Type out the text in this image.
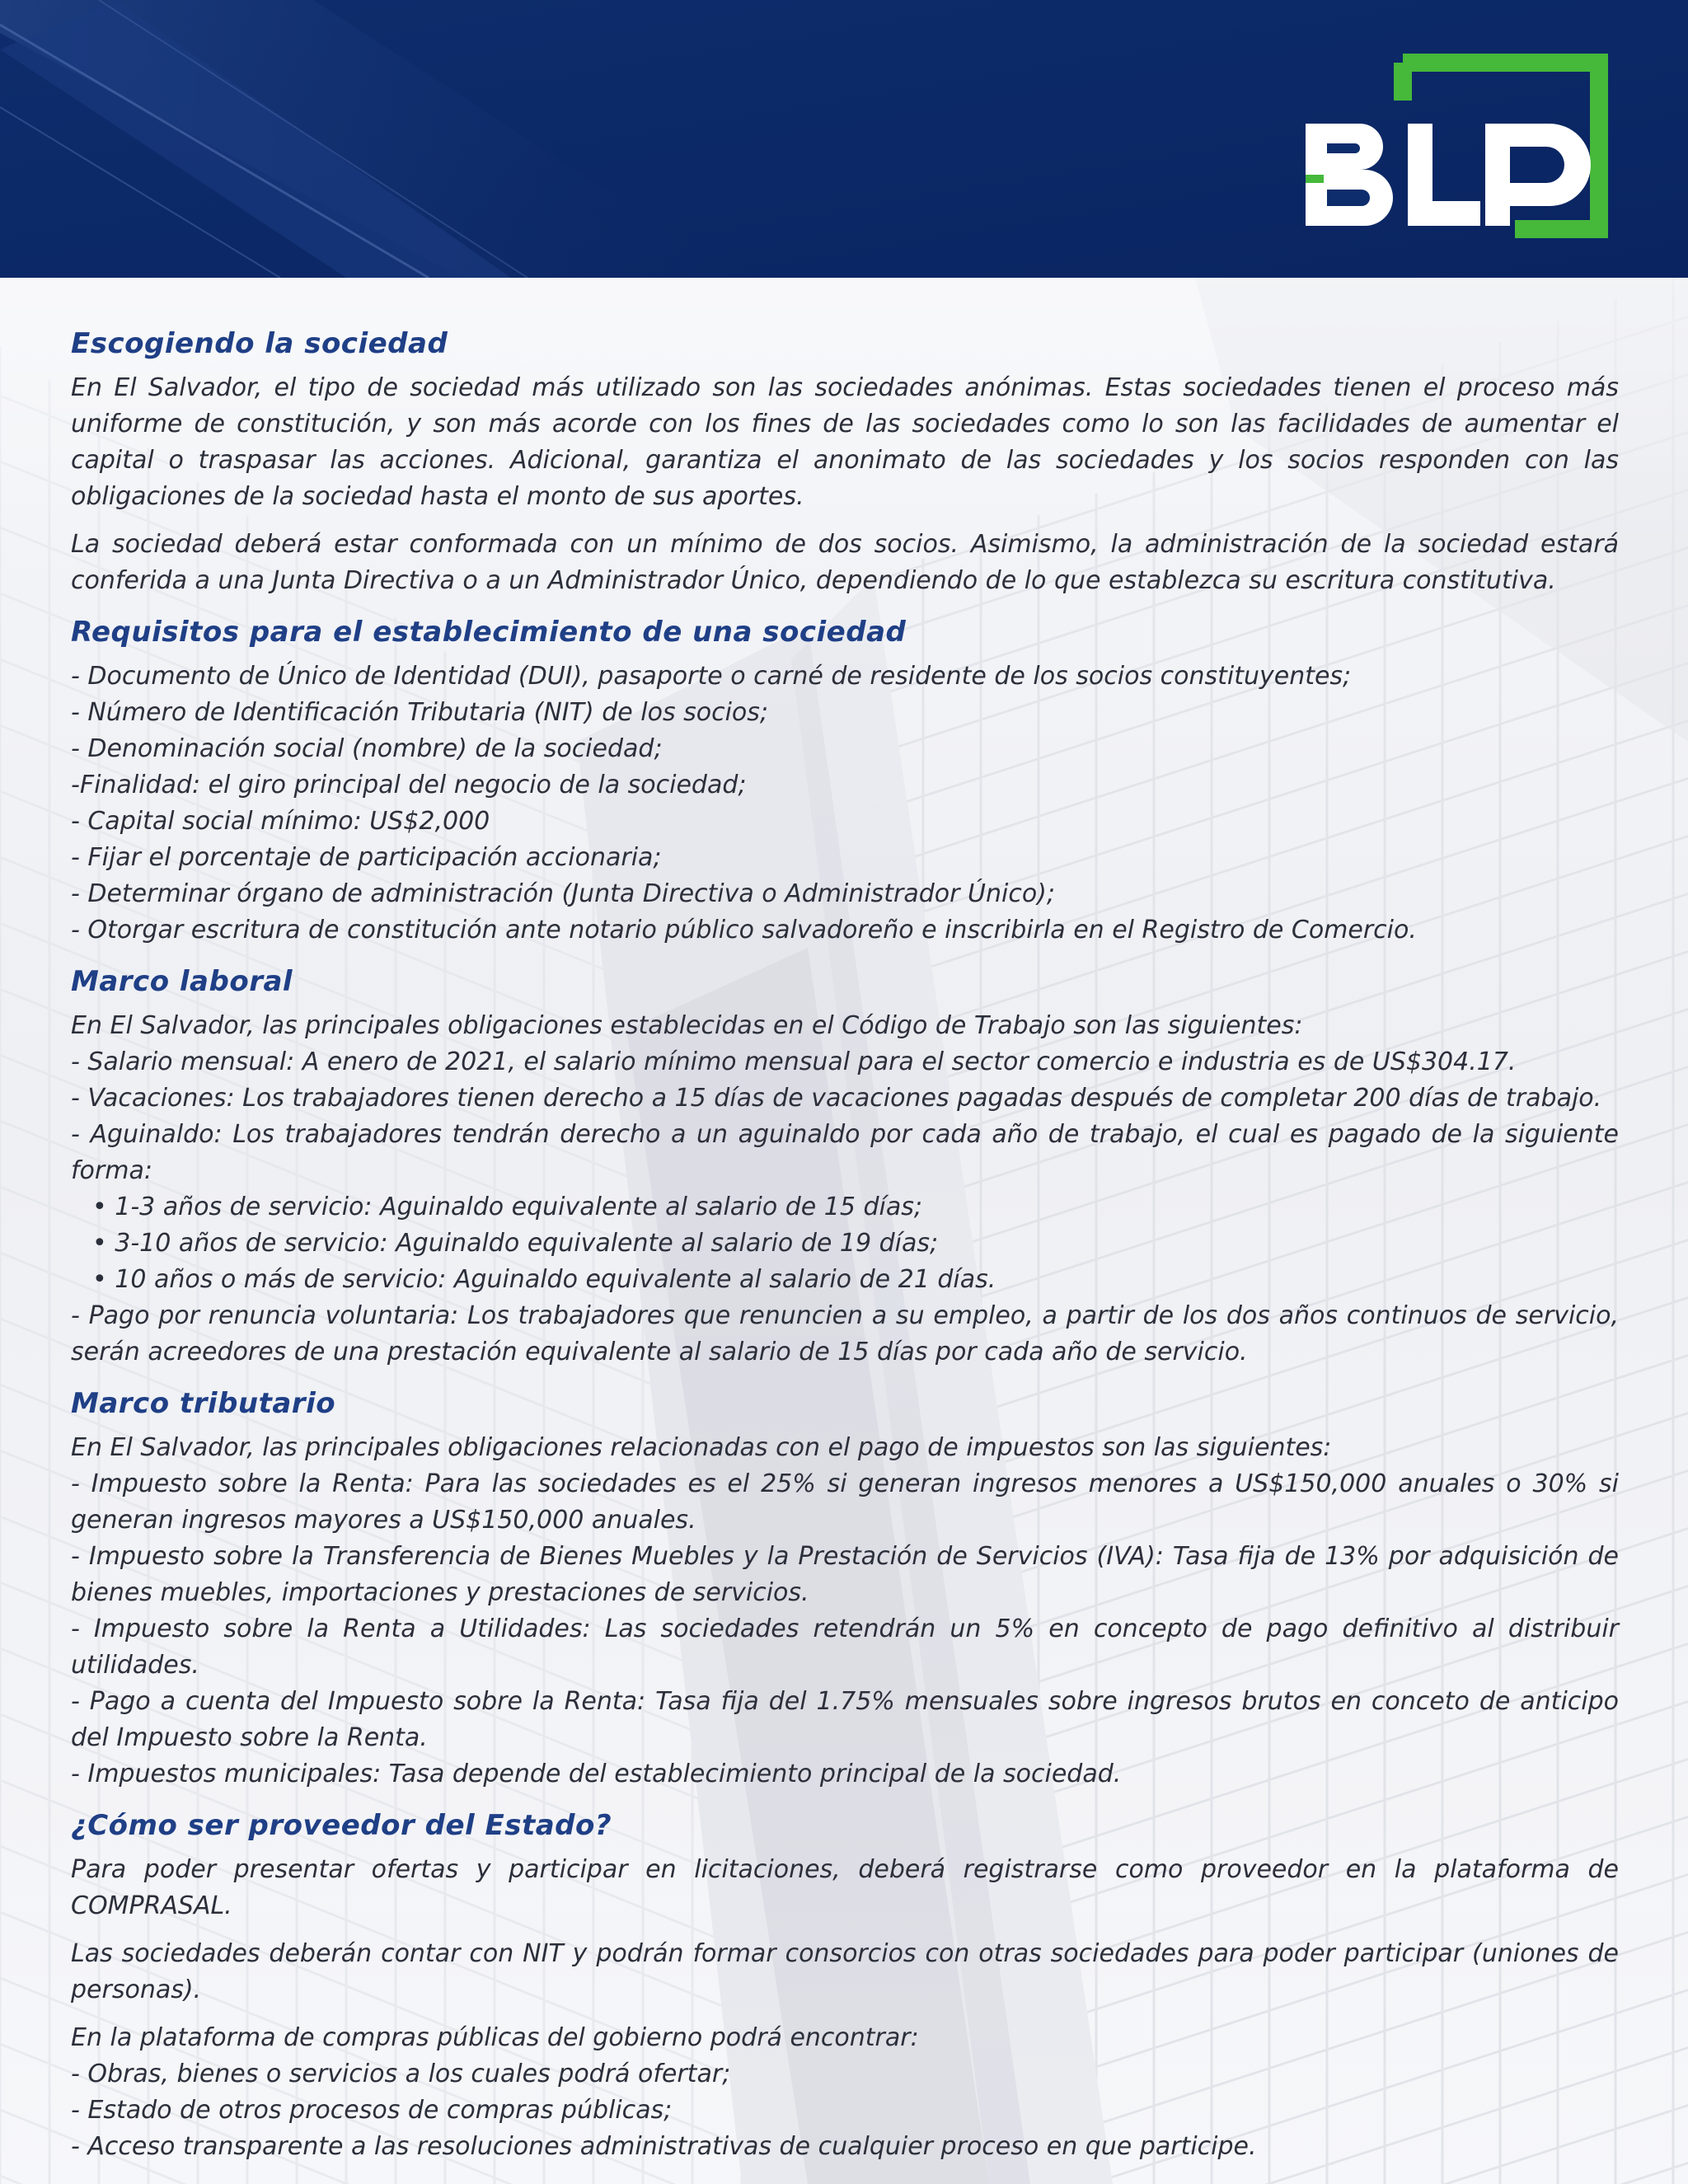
Escogiendo la sociedad

En El Salvador, el tipo de sociedad más utilizado son las sociedades anónimas. Estas sociedades tienen el proceso más uniforme de constitución, y son más acorde con los fines de las sociedades como lo son las facilidades de aumentar el capital o traspasar las acciones. Adicional, garantiza el anonimato de las sociedades y los socios responden con las obligaciones de la sociedad hasta el monto de sus aportes.

La sociedad deberá estar conformada con un mínimo de dos socios. Asimismo, la administración de la sociedad estará conferida a una Junta Directiva o a un Administrador Único, dependiendo de lo que establezca su escritura constitutiva.

Requisitos para el establecimiento de una sociedad

- Documento de Único de Identidad (DUI), pasaporte o carné de residente de los socios constituyentes;

- Número de Identificación Tributaria (NIT) de los socios;

- Denominación social (nombre) de la sociedad;

-Finalidad: el giro principal del negocio de la sociedad;

- Capital social mínimo: US$2,000

- Fijar el porcentaje de participación accionaria;

- Determinar órgano de administración (Junta Directiva o Administrador Único);

- Otorgar escritura de constitución ante notario público salvadoreño e inscribirla en el Registro de Comercio.

Marco laboral

En El Salvador, las principales obligaciones establecidas en el Código de Trabajo son las siguientes:

- Salario mensual: A enero de 2021, el salario mínimo mensual para el sector comercio e industria es de US$304.17.

- Vacaciones: Los trabajadores tienen derecho a 15 días de vacaciones pagadas después de completar 200 días de trabajo.

- Aguinaldo: Los trabajadores tendrán derecho a un aguinaldo por cada año de trabajo, el cual es pagado de la siguiente forma:

• 1-3 años de servicio: Aguinaldo equivalente al salario de 15 días;

• 3-10 años de servicio: Aguinaldo equivalente al salario de 19 días;

• 10 años o más de servicio: Aguinaldo equivalente al salario de 21 días.

- Pago por renuncia voluntaria: Los trabajadores que renuncien a su empleo, a partir de los dos años continuos de servicio, serán acreedores de una prestación equivalente al salario de 15 días por cada año de servicio.

Marco tributario

En El Salvador, las principales obligaciones relacionadas con el pago de impuestos son las siguientes:

- Impuesto sobre la Renta: Para las sociedades es el 25% si generan ingresos menores a US$150,000 anuales o 30% si generan ingresos mayores a US$150,000 anuales.

- Impuesto sobre la Transferencia de Bienes Muebles y la Prestación de Servicios (IVA): Tasa fija de 13% por adquisición de bienes muebles, importaciones y prestaciones de servicios.

- Impuesto sobre la Renta a Utilidades: Las sociedades retendrán un 5% en concepto de pago definitivo al distribuir utilidades.

- Pago a cuenta del Impuesto sobre la Renta: Tasa fija del 1.75% mensuales sobre ingresos brutos en conceto de anticipo del Impuesto sobre la Renta.

- Impuestos municipales: Tasa depende del establecimiento principal de la sociedad.

¿Cómo ser proveedor del Estado?

Para poder presentar ofertas y participar en licitaciones, deberá registrarse como proveedor en la plataforma de COMPRASAL.

Las sociedades deberán contar con NIT y podrán formar consorcios con otras sociedades para poder participar (uniones de personas).

En la plataforma de compras públicas del gobierno podrá encontrar:

- Obras, bienes o servicios a los cuales podrá ofertar;

- Estado de otros procesos de compras públicas;

- Acceso transparente a las resoluciones administrativas de cualquier proceso en que participe.
